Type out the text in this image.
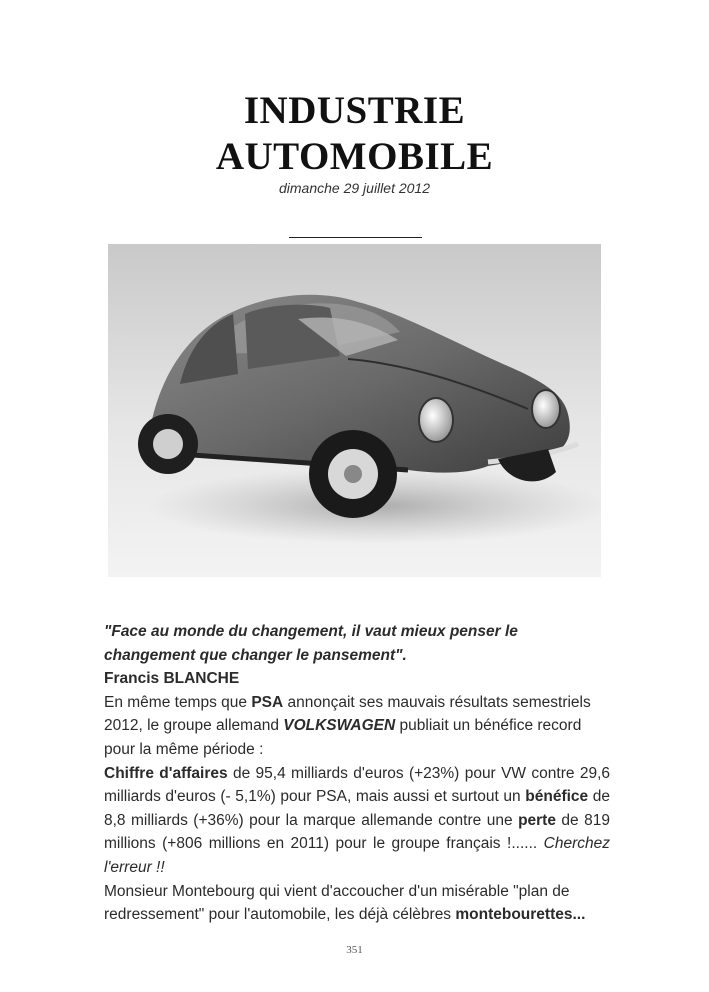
INDUSTRIE
AUTOMOBILE
dimanche 29 juillet 2012

"Face au monde du changement, il vaut mieux penser le changement que changer le pansement".

Francis BLANCHE

En même temps que PSA annonçait ses mauvais résultats semestriels 2012, le groupe allemand VOLKSWAGEN publiait un bénéfice record pour la même période :

Chiffre d'affaires de 95,4 milliards d'euros (+23%) pour VW contre 29,6 milliards d'euros (- 5,1%) pour PSA, mais aussi et surtout un bénéfice de 8,8 milliards (+36%) pour la marque allemande contre une perte de 819 millions (+806 millions en 2011) pour le groupe français !...... Cherchez l'erreur !!

Monsieur Montebourg qui vient d'accoucher d'un misérable "plan de redressement" pour l'automobile, les déjà célèbres montebourettes...

351
